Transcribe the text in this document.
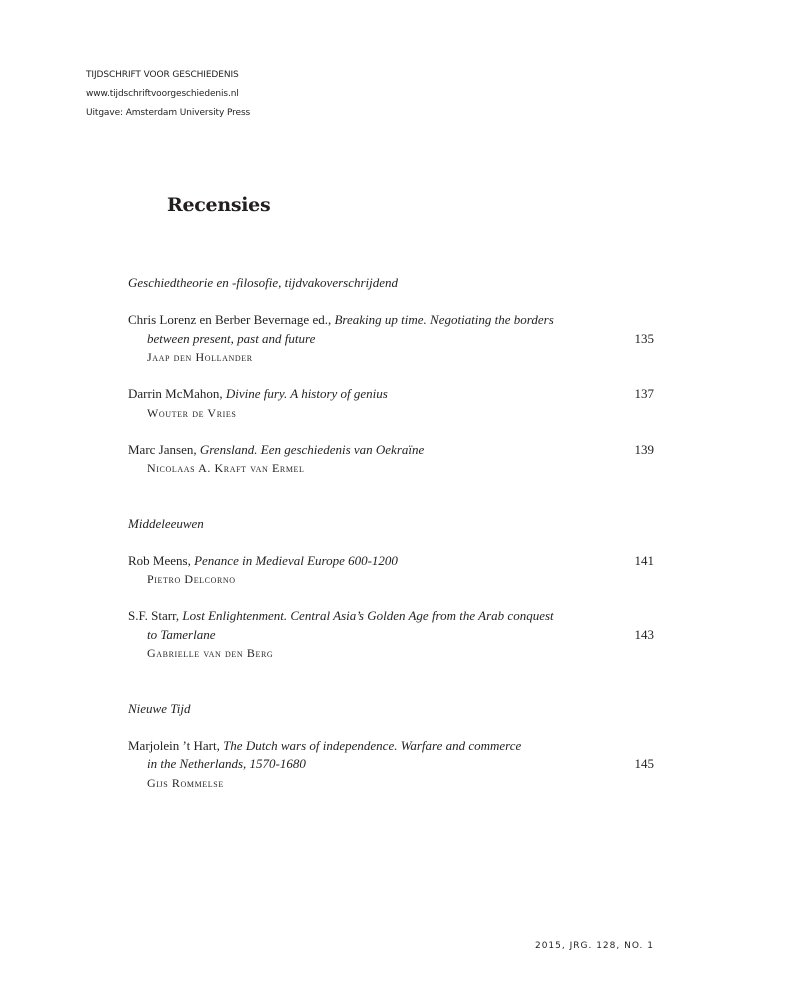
TIJDSCHRIFT VOOR GESCHIEDENIS
www.tijdschriftvoorgeschiedenis.nl
Uitgave: Amsterdam University Press
Recensies
Geschiedtheorie en -filosofie, tijdvakoverschrijdend
Chris Lorenz en Berber Bevernage ed., Breaking up time. Negotiating the borders
between present, past and future	135
Jaap den Hollander
Darrin McMahon, Divine fury. A history of genius	137
Wouter de Vries
Marc Jansen, Grensland. Een geschiedenis van Oekraïne	139
Nicolaas A. Kraft van Ermel
Middeleeuwen
Rob Meens, Penance in Medieval Europe 600-1200	141
Pietro Delcorno
S.F. Starr, Lost Enlightenment. Central Asia’s Golden Age from the Arab conquest
to Tamerlane	143
Gabrielle van den Berg
Nieuwe Tijd
Marjolein ’t Hart, The Dutch wars of independence. Warfare and commerce
in the Netherlands, 1570-1680	145
Gijs Rommelse
2015, JRG. 128, NO. 1
